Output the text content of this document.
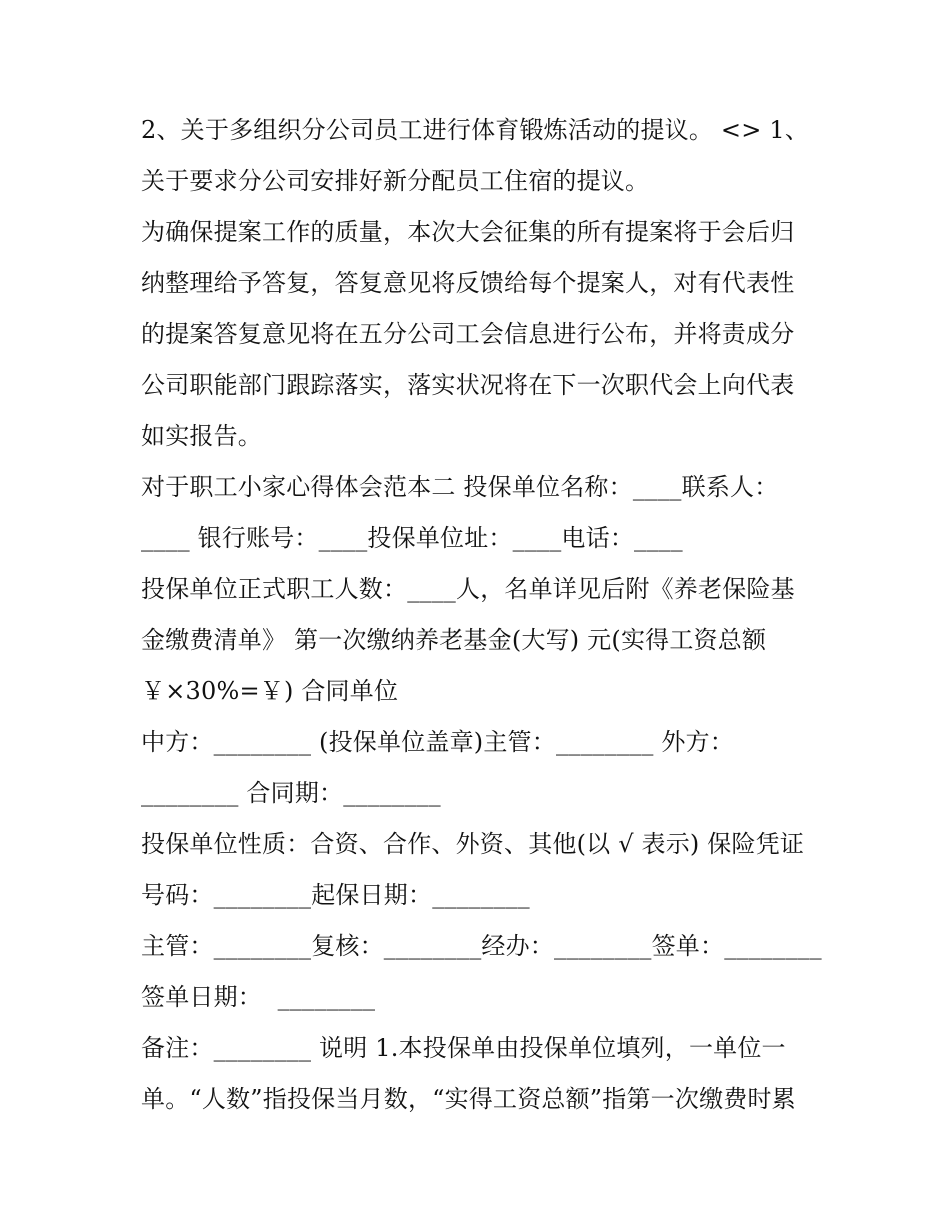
2、关于多组织分公司员工进行体育锻炼活动的提议。 <> 1、
关于要求分公司安排好新分配员工住宿的提议。
为确保提案工作的质量，本次大会征集的所有提案将于会后归
纳整理给予答复，答复意见将反馈给每个提案人，对有代表性
的提案答复意见将在五分公司工会信息进行公布，并将责成分
公司职能部门跟踪落实，落实状况将在下一次职代会上向代表
如实报告。
对于职工小家心得体会范本二 投保单位名称：____联系人：
____ 银行账号：____投保单位址：____电话：____
投保单位正式职工人数：____人，名单详见后附《养老保险基
金缴费清单》 第一次缴纳养老基金(大写) 元(实得工资总额
￥×30%=￥) 合同单位
中方：________ (投保单位盖章)主管：________ 外方：
________ 合同期：________
投保单位性质：合资、合作、外资、其他(以 √ 表示) 保险凭证
号码：________起保日期：________
主管：________复核：________经办：________签单：________
签单日期：  ________
备注：________ 说明 1.本投保单由投保单位填列，一单位一
单。“人数”指投保当月数，“实得工资总额”指第一次缴费时累
